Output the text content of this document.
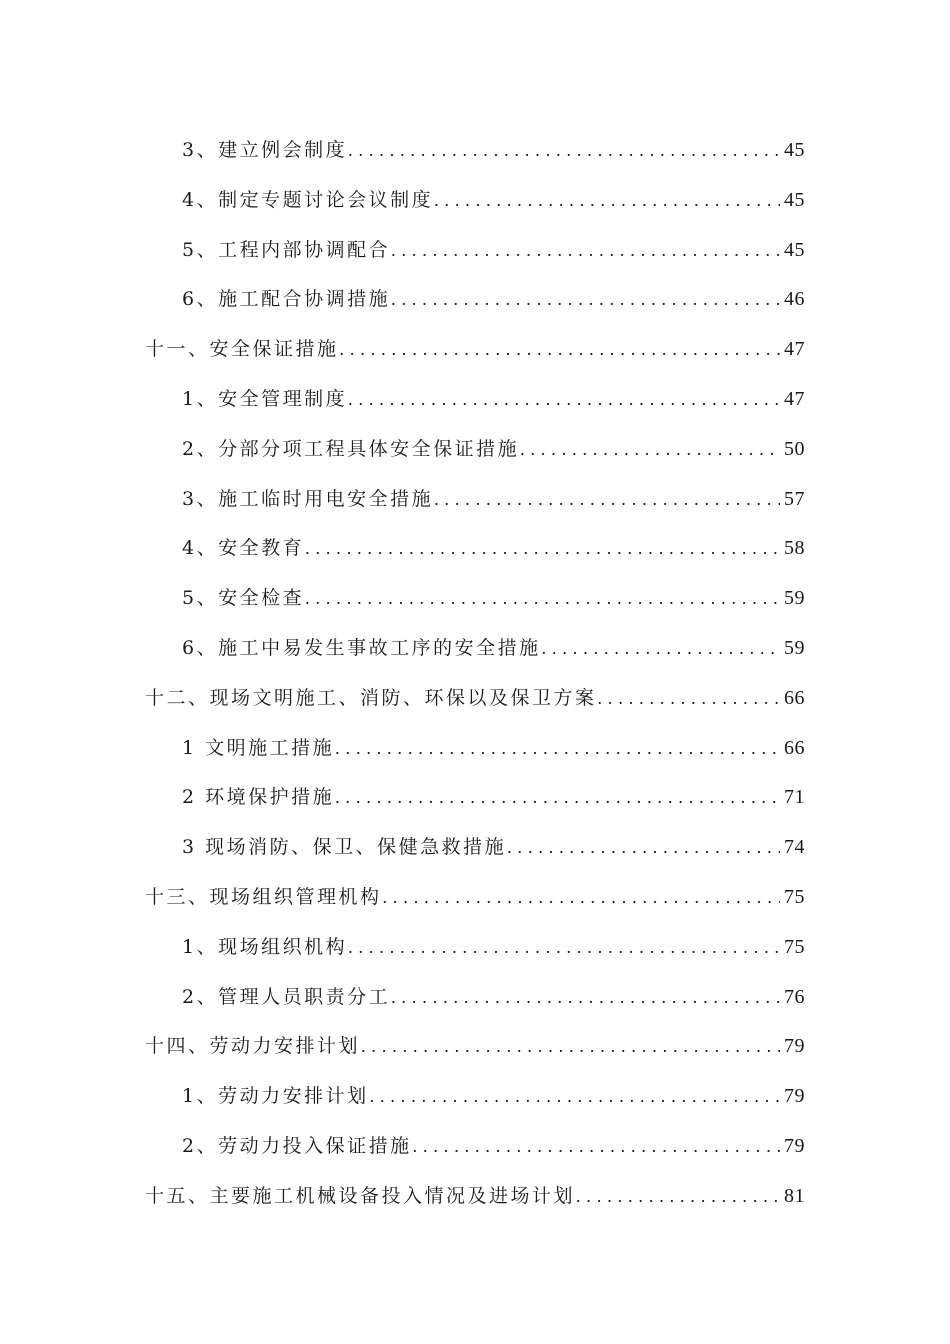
3、建立例会制度 .....	45
4、制定专题讨论会议制度 .....	45
5、工程内部协调配合 .....	45
6、施工配合协调措施 .....	46
十一、安全保证措施 .....	47
1、安全管理制度 .....	47
2、分部分项工程具体安全保证措施 .....	50
3、施工临时用电安全措施 .....	57
4、安全教育 .....	58
5、安全检查 .....	59
6、施工中易发生事故工序的安全措施 .....	59
十二、现场文明施工、消防、环保以及保卫方案 .....	66
1 文明施工措施 .....	66
2 环境保护措施 .....	71
3 现场消防、保卫、保健急救措施 .....	74
十三、现场组织管理机构 .....	75
1、现场组织机构 .....	75
2、管理人员职责分工 .....	76
十四、劳动力安排计划 .....	79
1、劳动力安排计划 .....	79
2、劳动力投入保证措施 .....	79
十五、主要施工机械设备投入情况及进场计划 .....	81
